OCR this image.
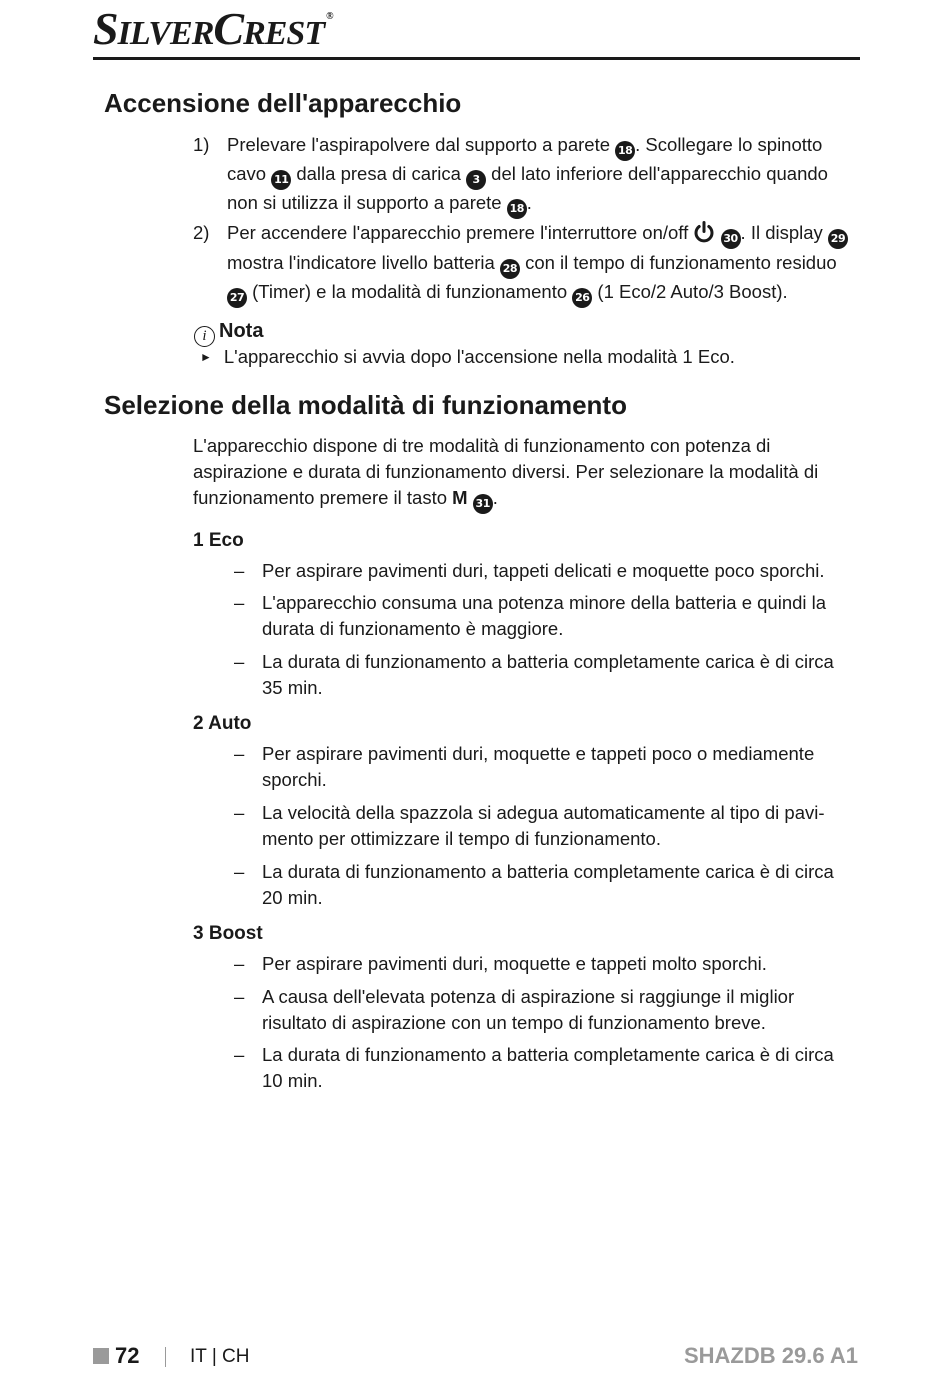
SILVERCREST ®
Accensione dell'apparecchio
1) Prelevare l'aspirapolvere dal supporto a parete 18 . Scollegare lo spinotto cavo 11 dalla presa di carica 3 del lato inferiore dell'apparecchio quando non si utilizza il supporto a parete 18 .
2) Per accendere l'apparecchio premere l'interruttore on/off	30 . Il display 29 mostra l'indicatore livello batteria 28 con il tempo di funzionamento residuo
27 (Timer) e la modalità di funzionamento 26 (1 Eco/2 Auto/3 Boost).
i Nota
► L'apparecchio si avvia dopo l'accensione nella modalità 1 Eco.
Selezione della modalità di funzionamento
L'apparecchio dispone di tre modalità di funzionamento con potenza di aspirazione e durata di funzionamento diversi. Per selezionare la modalità di funzionamento premere il tasto M 31 .
1 Eco
– Per aspirare pavimenti duri, tappeti delicati e moquette poco sporchi.
– L'apparecchio consuma una potenza minore della batteria e quindi la durata di funzionamento è maggiore.
– La durata di funzionamento a batteria completamente carica è di circa 35 min.
2 Auto
– Per aspirare pavimenti duri, moquette e tappeti poco o mediamente sporchi.
– La velocità della spazzola si adegua automaticamente al tipo di pavi-mento per ottimizzare il tempo di funzionamento.
– La durata di funzionamento a batteria completamente carica è di circa 20 min.
3 Boost
– Per aspirare pavimenti duri, moquette e tappeti molto sporchi.
– A causa dell'elevata potenza di aspirazione si raggiunge il miglior risultato di aspirazione con un tempo di funzionamento breve.
– La durata di funzionamento a batteria completamente carica è di circa 10 min.
72	IT | CH	SHAZDB 29.6 A1
